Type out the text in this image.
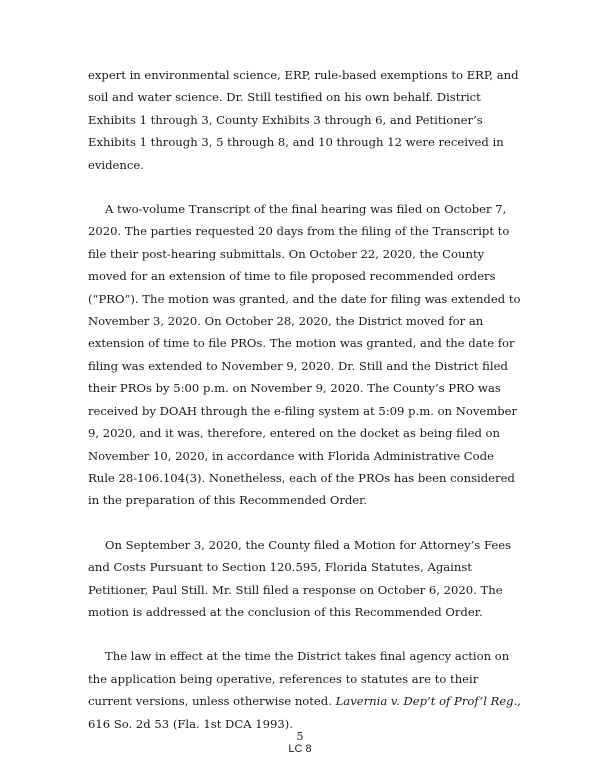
expert in environmental science, ERP, rule-based exemptions to ERP, and soil and water science. Dr. Still testified on his own behalf. District Exhibits 1 through 3, County Exhibits 3 through 6, and Petitioner’s Exhibits 1 through 3, 5 through 8, and 10 through 12 were received in evidence.

A two-volume Transcript of the final hearing was filed on October 7, 2020. The parties requested 20 days from the filing of the Transcript to file their post-hearing submittals. On October 22, 2020, the County moved for an extension of time to file proposed recommended orders (“PRO”). The motion was granted, and the date for filing was extended to November 3, 2020. On October 28, 2020, the District moved for an extension of time to file PROs. The motion was granted, and the date for filing was extended to November 9, 2020. Dr. Still and the District filed their PROs by 5:00 p.m. on November 9, 2020. The County’s PRO was received by DOAH through the e-filing system at 5:09 p.m. on November 9, 2020, and it was, therefore, entered on the docket as being filed on November 10, 2020, in accordance with Florida Administrative Code Rule 28-106.104(3). Nonetheless, each of the PROs has been considered in the preparation of this Recommended Order.

On September 3, 2020, the County filed a Motion for Attorney’s Fees and Costs Pursuant to Section 120.595, Florida Statutes, Against Petitioner, Paul Still. Mr. Still filed a response on October 6, 2020. The motion is addressed at the conclusion of this Recommended Order.

The law in effect at the time the District takes final agency action on the application being operative, references to statutes are to their current versions, unless otherwise noted. Lavernia v. Dep’t of Prof’l Reg., 616 So. 2d 53 (Fla. 1st DCA 1993).

5
LC 8
